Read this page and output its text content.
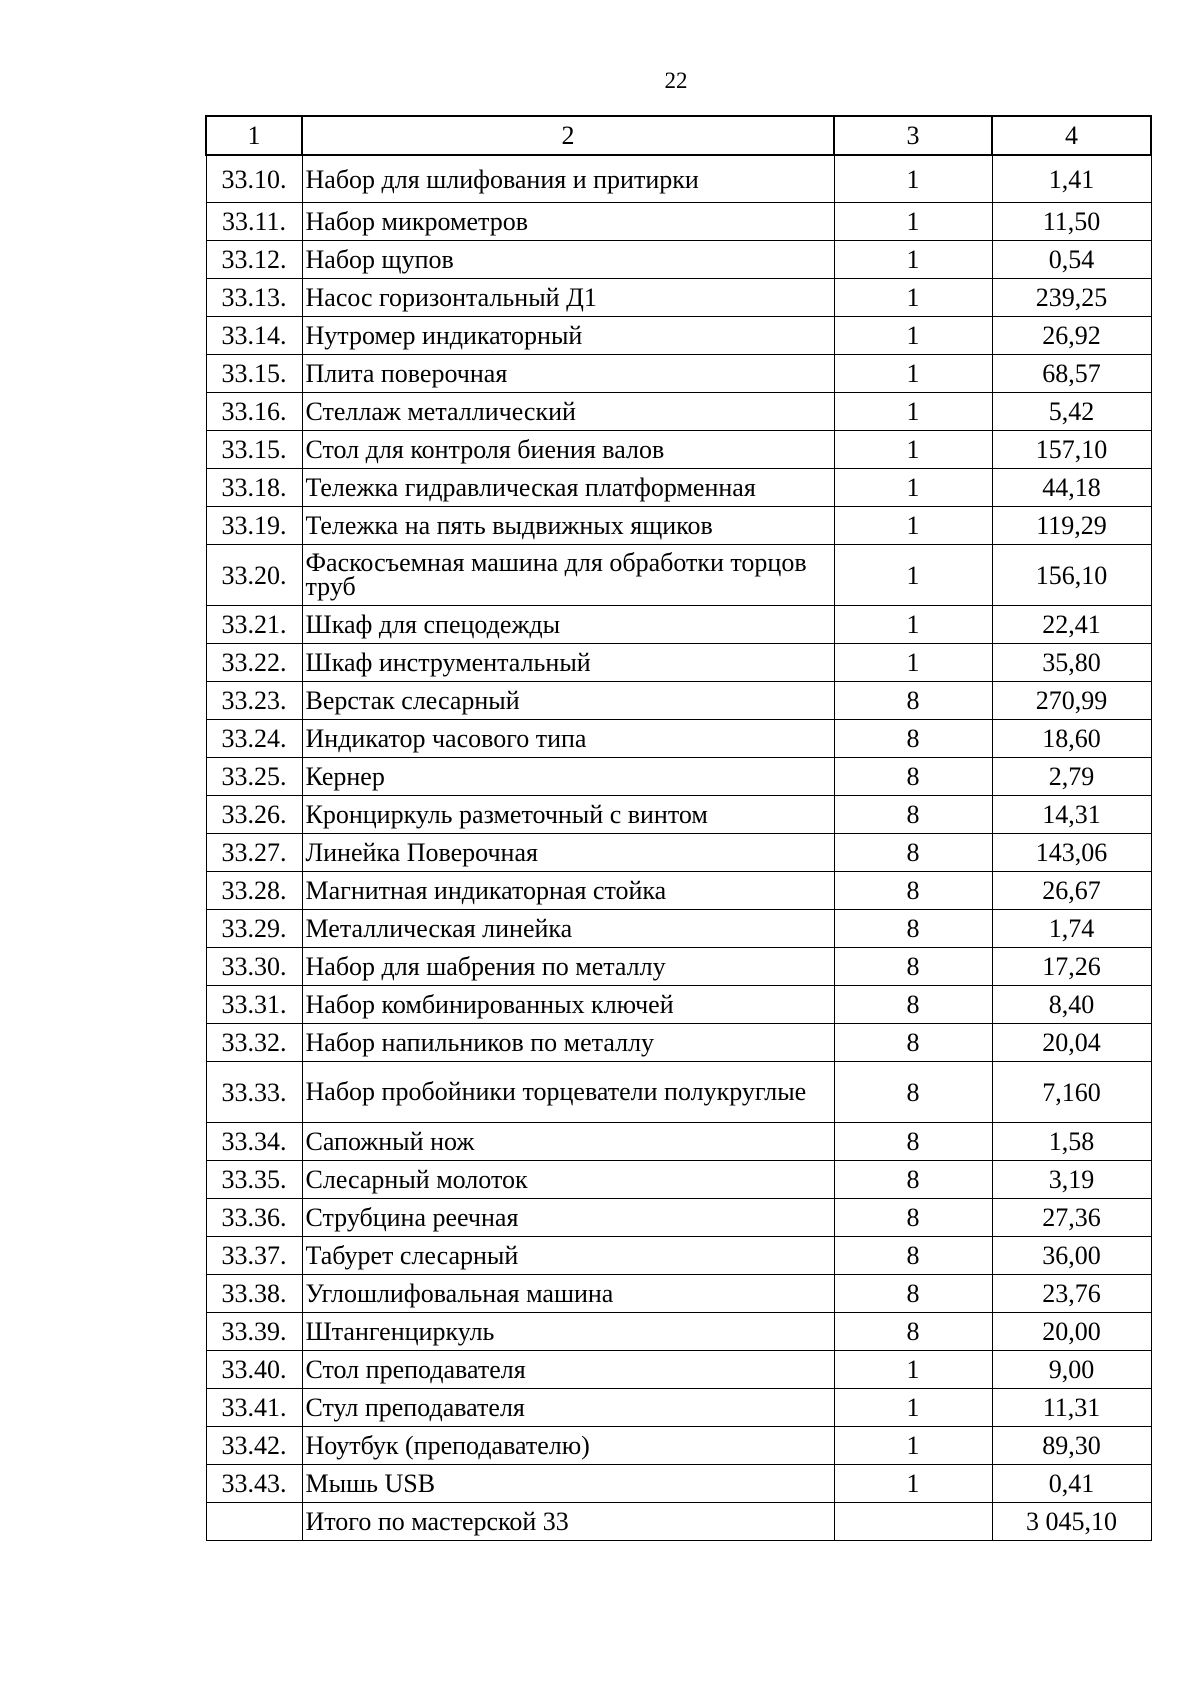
22
1	2	3	4
33.10.	Набор для шлифования и притирки	1	1,41
33.11.	Набор микрометров	1	11,50
33.12.	Набор щупов	1	0,54
33.13.	Насос горизонтальный Д1	1	239,25
33.14.	Нутромер индикаторный	1	26,92
33.15.	Плита поверочная	1	68,57
33.16.	Стеллаж металлический	1	5,42
33.15.	Стол для контроля биения валов	1	157,10
33.18.	Тележка гидравлическая платформенная	1	44,18
33.19.	Тележка на пять выдвижных ящиков	1	119,29
33.20.	Фаскосъемная машина для обработки торцов труб	1	156,10
33.21.	Шкаф для спецодежды	1	22,41
33.22.	Шкаф инструментальный	1	35,80
33.23.	Верстак слесарный	8	270,99
33.24.	Индикатор часового типа	8	18,60
33.25.	Кернер	8	2,79
33.26.	Кронциркуль разметочный с винтом	8	14,31
33.27.	Линейка Поверочная	8	143,06
33.28.	Магнитная индикаторная стойка	8	26,67
33.29.	Металлическая линейка	8	1,74
33.30.	Набор для шабрения по металлу	8	17,26
33.31.	Набор комбинированных ключей	8	8,40
33.32.	Набор напильников по металлу	8	20,04
33.33.	Набор пробойники торцеватели полукруглые	8	7,160
33.34.	Сапожный нож	8	1,58
33.35.	Слесарный молоток	8	3,19
33.36.	Струбцина реечная	8	27,36
33.37.	Табурет слесарный	8	36,00
33.38.	Углошлифовальная машина	8	23,76
33.39.	Штангенциркуль	8	20,00
33.40.	Стол преподавателя	1	9,00
33.41.	Стул преподавателя	1	11,31
33.42.	Ноутбук (преподавателю)	1	89,30
33.43.	Мышь USB	1	0,41
	Итого по мастерской 33		3 045,10
